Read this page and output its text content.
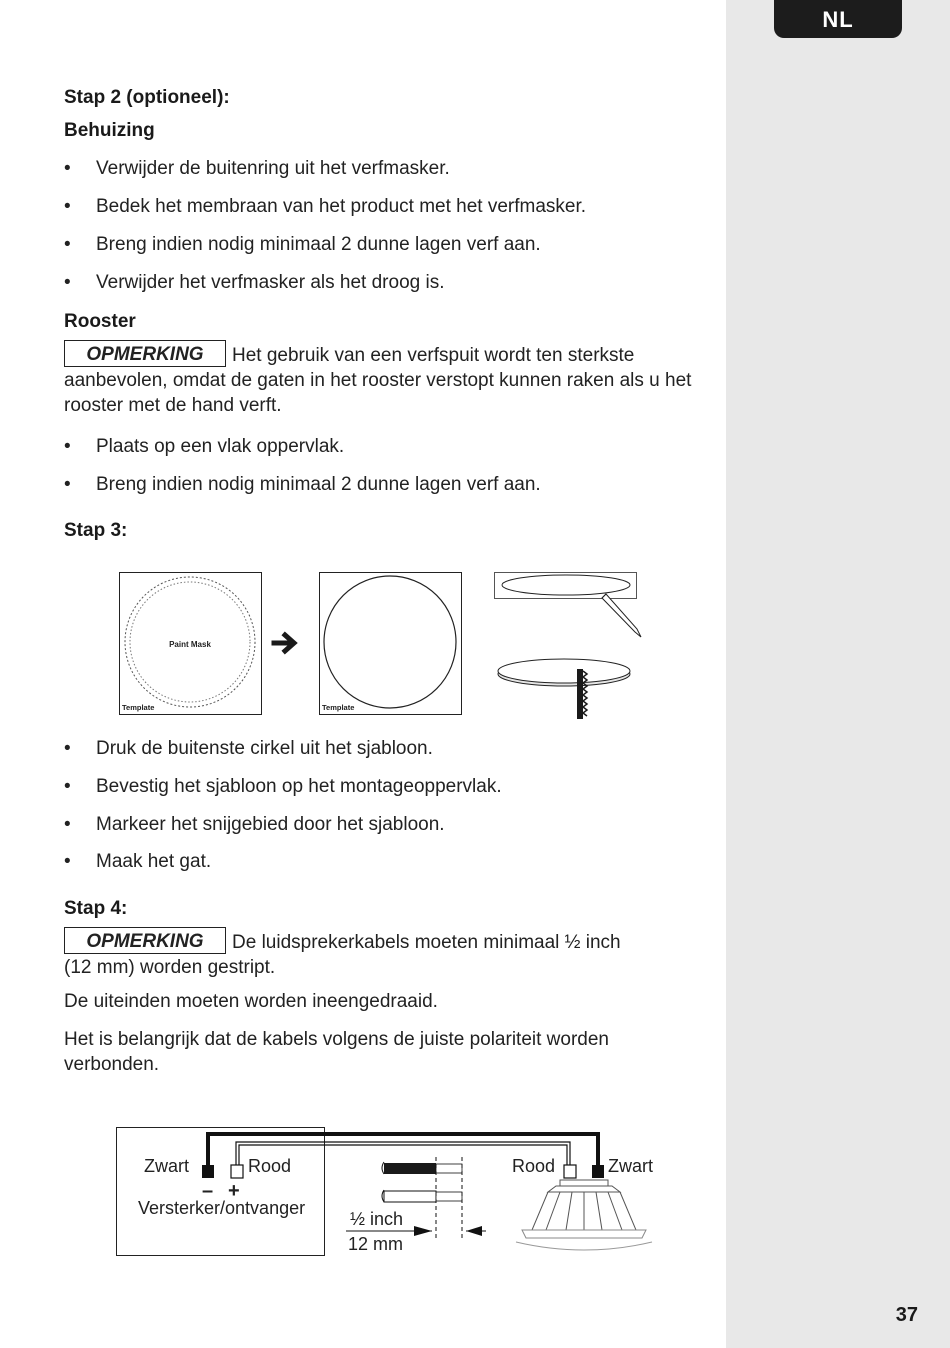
NL
37
Stap 2 (optioneel):
Behuizing
• Verwijder de buitenring uit het verfmasker.
• Bedek het membraan van het product met het verfmasker.
• Breng indien nodig minimaal 2 dunne lagen verf aan.
• Verwijder het verfmasker als het droog is.
Rooster
OPMERKING Het gebruik van een verfspuit wordt ten sterkste
aanbevolen, omdat de gaten in het rooster verstopt kunnen raken als u het
rooster met de hand verft.
• Plaats op een vlak oppervlak.
• Breng indien nodig minimaal 2 dunne lagen verf aan.
Stap 3:
Paint Mask
Template	Template
• Druk de buitenste cirkel uit het sjabloon.
• Bevestig het sjabloon op het montageoppervlak.
• Markeer het snijgebied door het sjabloon.
• Maak het gat.
Stap 4:
OPMERKING De luidsprekerkabels moeten minimaal ½ inch
(12 mm) worden gestript.
De uiteinden moeten worden ineengedraaid.
Het is belangrijk dat de kabels volgens de juiste polariteit worden
verbonden.
Zwart	Rood
– +
Versterker/ontvanger
½ inch
12 mm
Rood	Zwart
